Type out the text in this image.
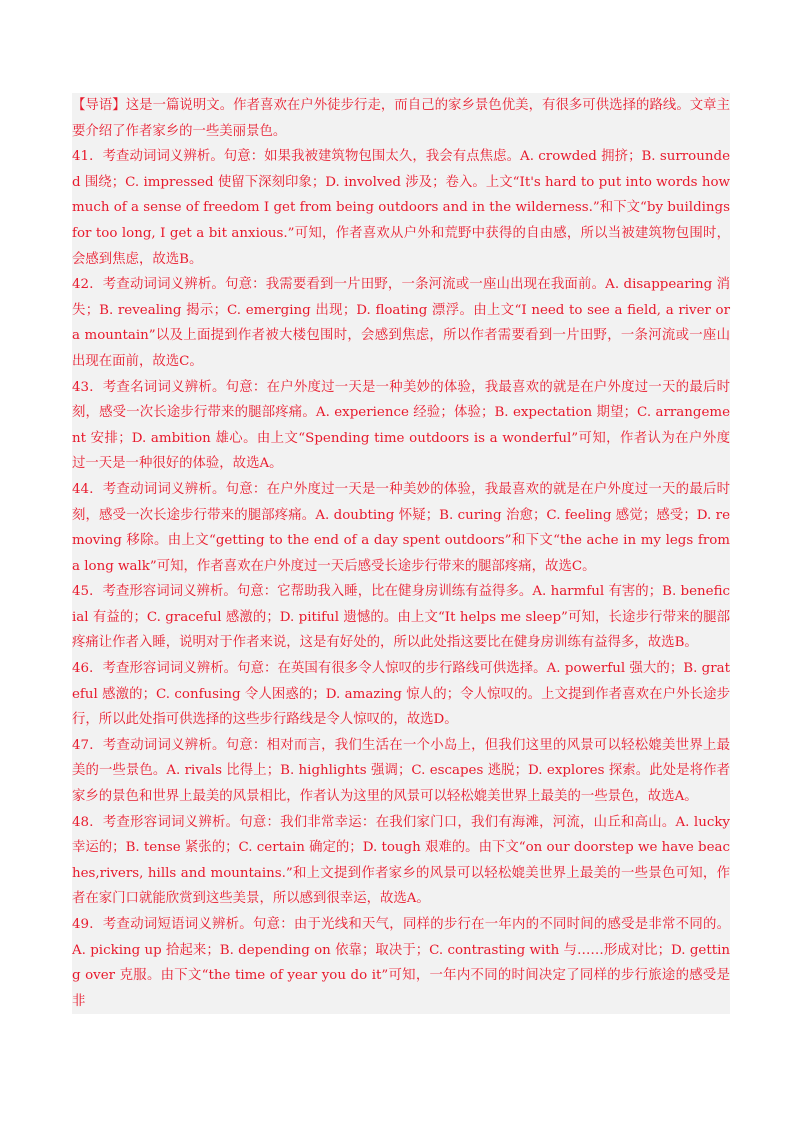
【导语】这是一篇说明文。作者喜欢在户外徒步行走，而自己的家乡景色优美，有很多可供选择的路线。文章主要介绍了作者家乡的一些美丽景色。

41．考查动词词义辨析。句意：如果我被建筑物包围太久，我会有点焦虑。A. crowded 拥挤；B. surrounded 围绕；C. impressed 使留下深刻印象；D. involved 涉及；卷入。上文“It's hard to put into words how much of a sense of freedom I get from being outdoors and in the wilderness.”和下文“by buildings for too long, I get a bit anxious.”可知，作者喜欢从户外和荒野中获得的自由感，所以当被建筑物包围时，会感到焦虑，故选B。

42．考查动词词义辨析。句意：我需要看到一片田野，一条河流或一座山出现在我面前。A. disappearing 消失；B. revealing 揭示；C. emerging 出现；D. floating 漂浮。由上文“I need to see a field, a river or a mountain”以及上面提到作者被大楼包围时，会感到焦虑，所以作者需要看到一片田野，一条河流或一座山出现在面前，故选C。

43．考查名词词义辨析。句意：在户外度过一天是一种美妙的体验，我最喜欢的就是在户外度过一天的最后时刻，感受一次长途步行带来的腿部疼痛。A. experience 经验；体验；B. expectation 期望；C. arrangement 安排；D. ambition 雄心。由上文“Spending time outdoors is a wonderful”可知，作者认为在户外度过一天是一种很好的体验，故选A。

44．考查动词词义辨析。句意：在户外度过一天是一种美妙的体验，我最喜欢的就是在户外度过一天的最后时刻，感受一次长途步行带来的腿部疼痛。A. doubting 怀疑；B. curing 治愈；C. feeling 感觉；感受；D. removing 移除。由上文“getting to the end of a day spent outdoors”和下文“the ache in my legs from a long walk”可知，作者喜欢在户外度过一天后感受长途步行带来的腿部疼痛，故选C。

45．考查形容词词义辨析。句意：它帮助我入睡，比在健身房训练有益得多。A. harmful 有害的；B. beneficial 有益的；C. graceful 感激的；D. pitiful 遗憾的。由上文“It helps me sleep”可知，长途步行带来的腿部疼痛让作者入睡，说明对于作者来说，这是有好处的，所以此处指这要比在健身房训练有益得多，故选B。

46．考查形容词词义辨析。句意：在英国有很多令人惊叹的步行路线可供选择。A. powerful 强大的；B. grateful 感激的；C. confusing 令人困惑的；D. amazing 惊人的；令人惊叹的。上文提到作者喜欢在户外长途步行，所以此处指可供选择的这些步行路线是令人惊叹的，故选D。

47．考查动词词义辨析。句意：相对而言，我们生活在一个小岛上，但我们这里的风景可以轻松媲美世界上最美的一些景色。A. rivals 比得上；B. highlights 强调；C. escapes 逃脱；D. explores 探索。此处是将作者家乡的景色和世界上最美的风景相比，作者认为这里的风景可以轻松媲美世界上最美的一些景色，故选A。

48．考查形容词词义辨析。句意：我们非常幸运：在我们家门口，我们有海滩，河流，山丘和高山。A. lucky 幸运的；B. tense 紧张的；C. certain 确定的；D. tough 艰难的。由下文“on our doorstep we have beaches,rivers, hills and mountains.”和上文提到作者家乡的风景可以轻松媲美世界上最美的一些景色可知，作者在家门口就能欣赏到这些美景，所以感到很幸运，故选A。

49．考查动词短语词义辨析。句意：由于光线和天气，同样的步行在一年内的不同时间的感受是非常不同的。A. picking up 拾起来；B. depending on 依靠；取决于；C. contrasting with 与……形成对比；D. getting over 克服。由下文“the time of year you do it”可知，一年内不同的时间决定了同样的步行旅途的感受是非
